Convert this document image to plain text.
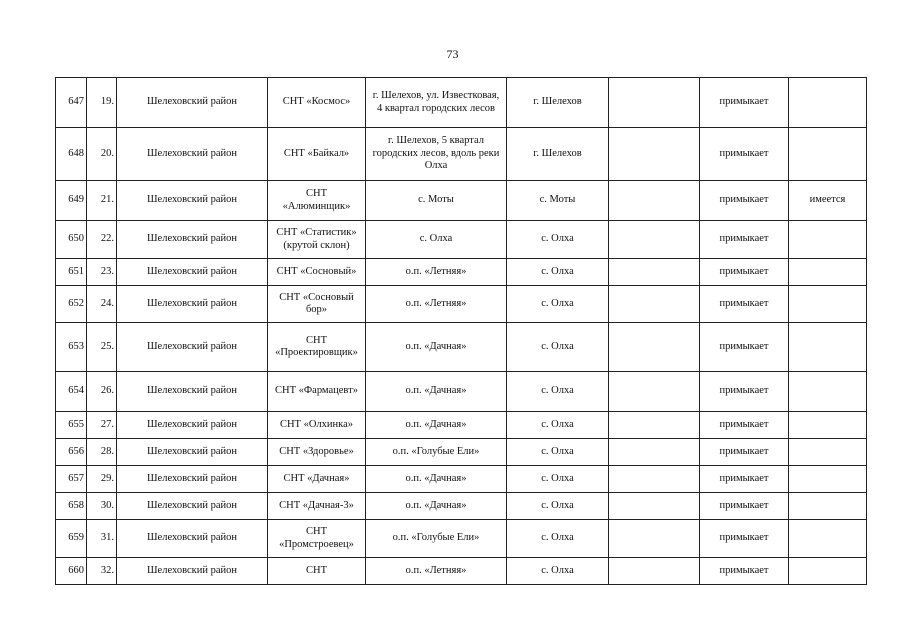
73
647	19.	Шелеховский район	СНТ «Космос»	г. Шелехов, ул. Известковая, 4 квартал городских лесов	г. Шелехов		примыкает	
648	20.	Шелеховский район	СНТ «Байкал»	г. Шелехов, 5 квартал городских лесов, вдоль реки Олха	г. Шелехов		примыкает	
649	21.	Шелеховский район	СНТ «Алюминщик»	с. Моты	с. Моты		примыкает	имеется
650	22.	Шелеховский район	СНТ «Статистик» (крутой склон)	с. Олха	с. Олха		примыкает	
651	23.	Шелеховский район	СНТ «Сосновый»	о.п. «Летняя»	с. Олха		примыкает	
652	24.	Шелеховский район	СНТ «Сосновый бор»	о.п. «Летняя»	с. Олха		примыкает	
653	25.	Шелеховский район	СНТ «Проектировщик»	о.п. «Дачная»	с. Олха		примыкает	
654	26.	Шелеховский район	СНТ «Фармацевт»	о.п. «Дачная»	с. Олха		примыкает	
655	27.	Шелеховский район	СНТ «Олхинка»	о.п. «Дачная»	с. Олха		примыкает	
656	28.	Шелеховский район	СНТ «Здоровье»	о.п. «Голубые Ели»	с. Олха		примыкает	
657	29.	Шелеховский район	СНТ «Дачная»	о.п. «Дачная»	с. Олха		примыкает	
658	30.	Шелеховский район	СНТ «Дачная-3»	о.п. «Дачная»	с. Олха		примыкает	
659	31.	Шелеховский район	СНТ «Промстроевец»	о.п. «Голубые Ели»	с. Олха		примыкает	
660	32.	Шелеховский район	СНТ	о.п. «Летняя»	с. Олха		примыкает	
